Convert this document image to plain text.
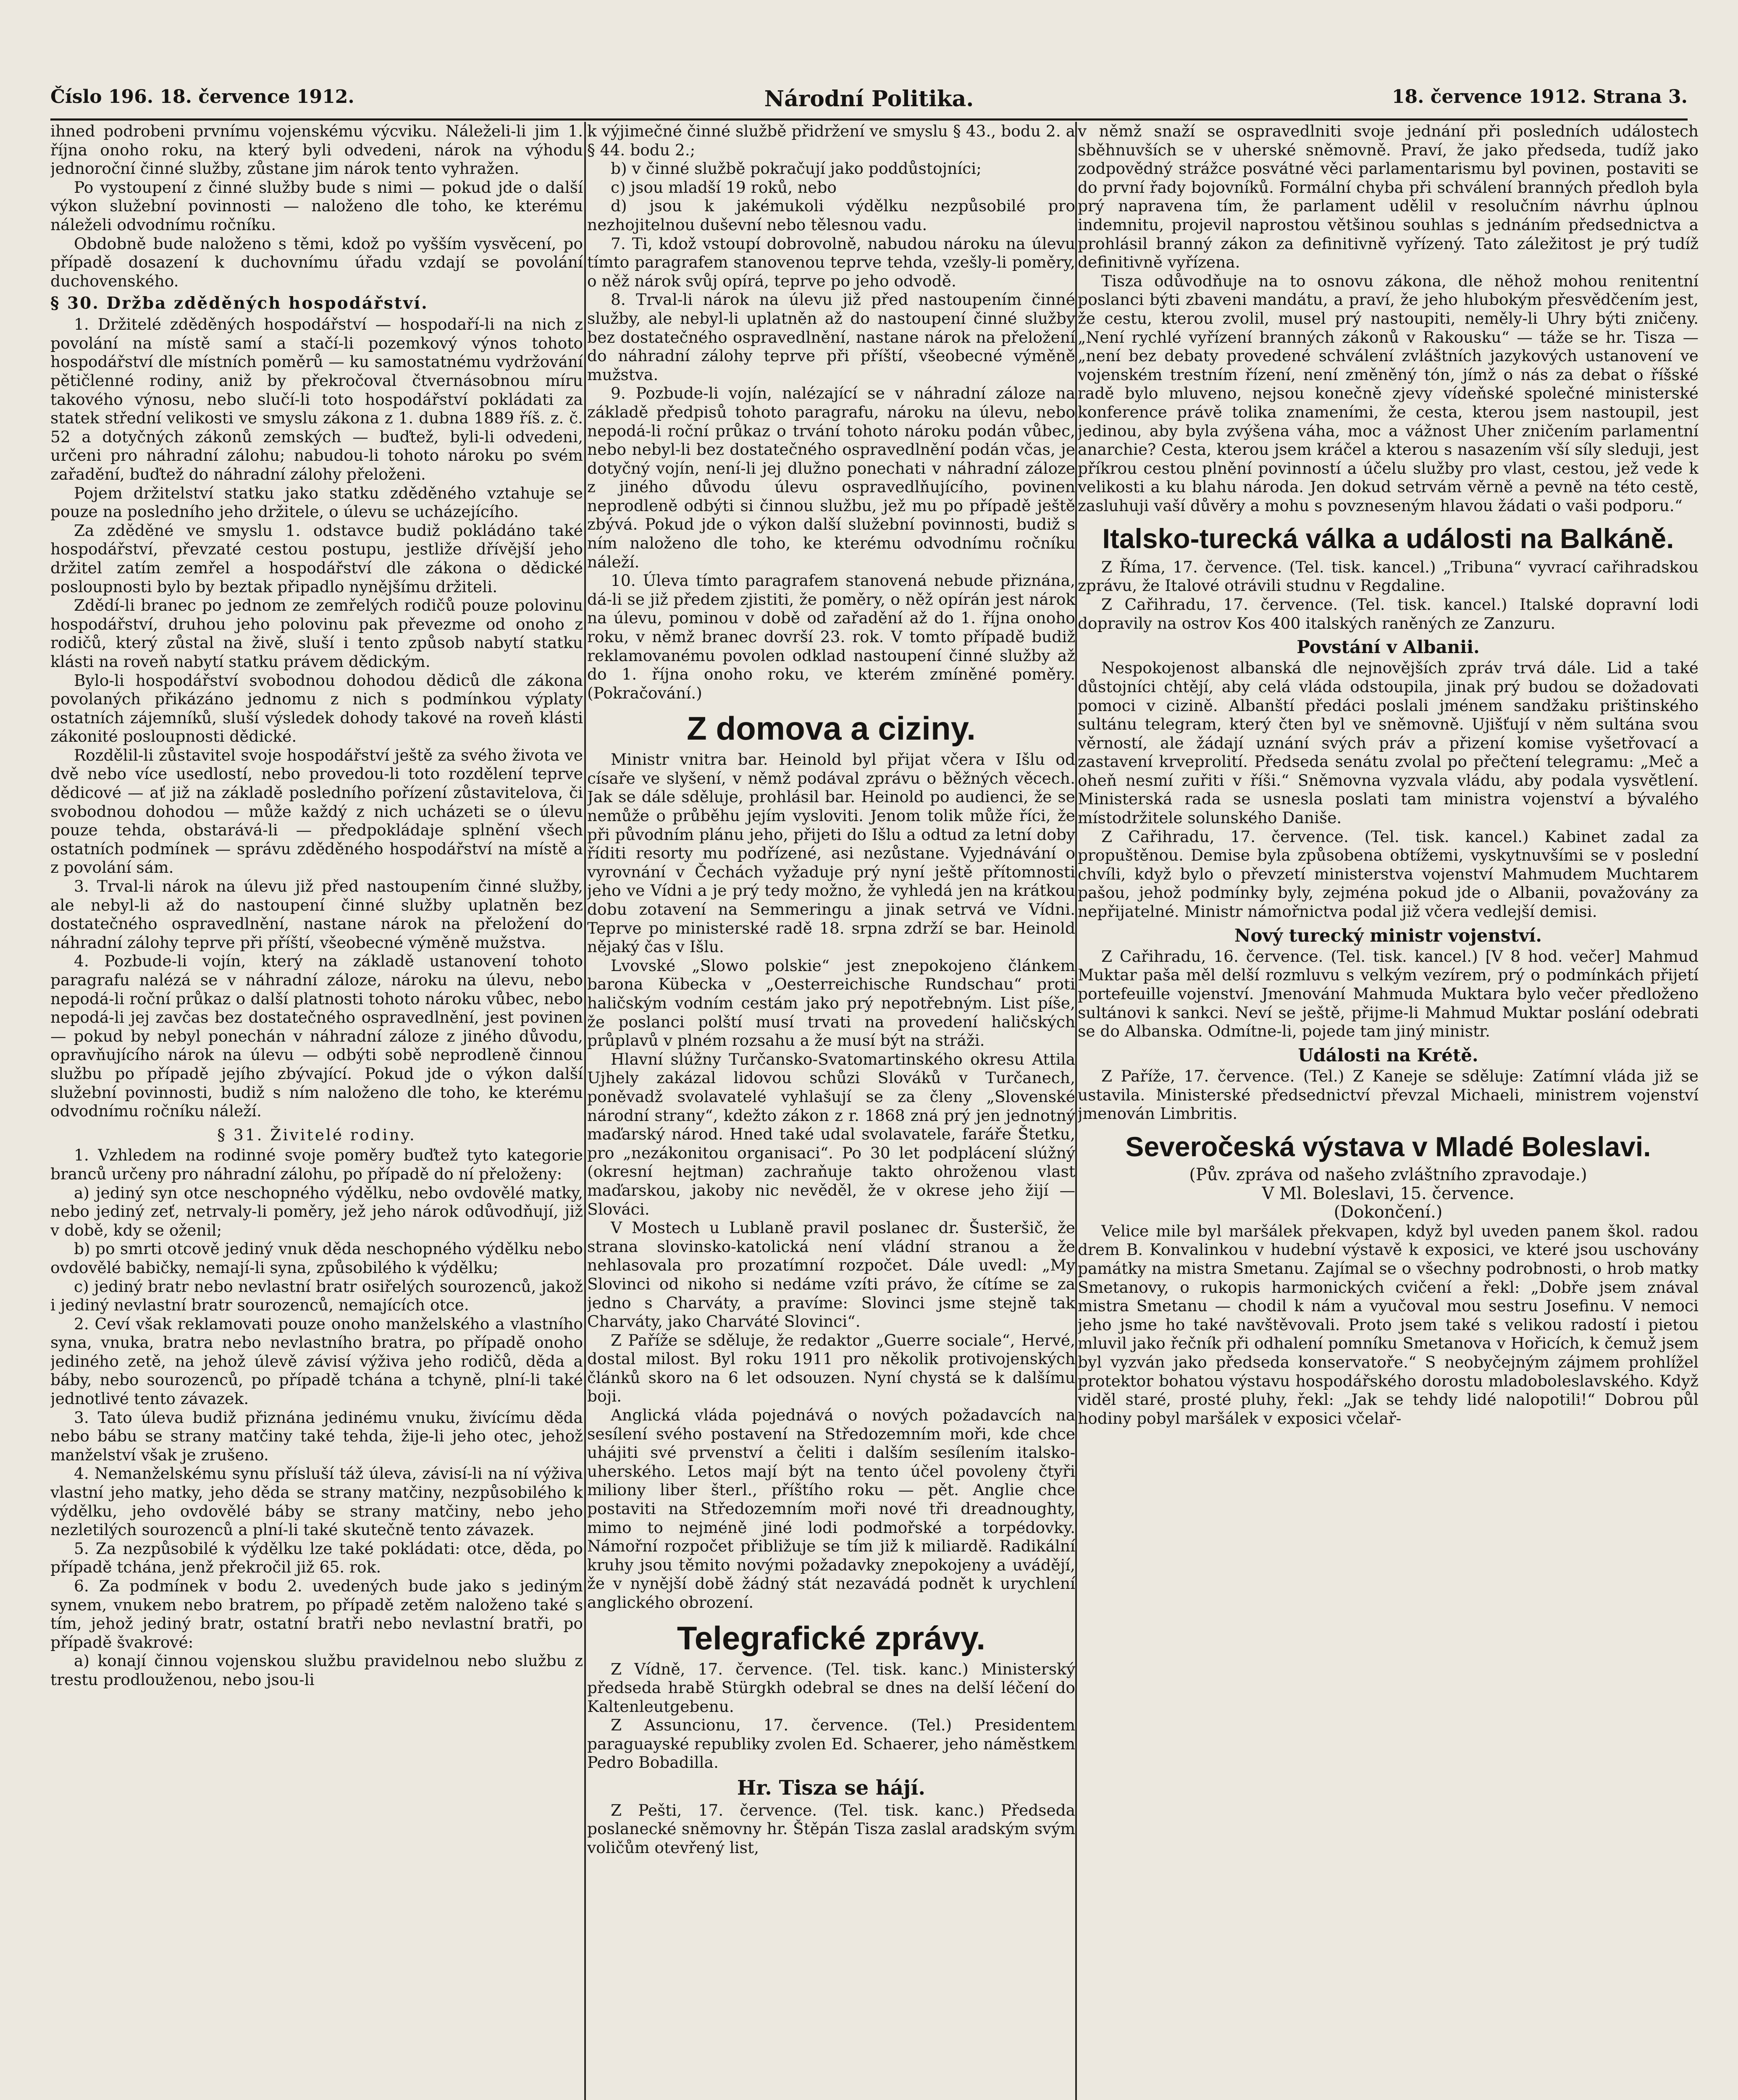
Číslo 196. 18. července 1912.	Národní Politika.	18. července 1912. Strana 3.

ihned podrobeni prvnímu vojenskému výcviku. Náleželi-li jim 1. října onoho roku, na který byli odvedeni, nárok na výhodu jednoroční činné služby, zůstane jim nárok tento vyhražen.

Po vystoupení z činné služby bude s nimi — pokud jde o další výkon služební povinnosti — naloženo dle toho, ke kterému náleželi odvodnímu ročníku.

Obdobně bude naloženo s těmi, kdož po vyšším vysvěcení, po případě dosazení k duchovnímu úřadu vzdají se povolání duchovenského.

§ 30. Držba zděděných hospodářství.

1. Držitelé zděděných hospodářství — hospodaří-li na nich z povolání na místě samí a stačí-li pozemkový výnos tohoto hospodářství dle místních poměrů — ku samostatnému vydržování pětičlenné rodiny, aniž by překročoval čtvernásobnou míru takového výnosu, nebo slučí-li toto hospodářství pokládati za statek střední velikosti ve smyslu zákona z 1. dubna 1889 říš. z. č. 52 a dotyčných zákonů zemských — buďtež, byli-li odvedeni, určeni pro náhradní zálohu; nabudou-li tohoto nároku po svém zařadění, buďtež do náhradní zálohy přeloženi.

Pojem držitelství statku jako statku zděděného vztahuje se pouze na posledního jeho držitele, o úlevu se ucházejícího.

Za zděděné ve smyslu 1. odstavce budiž pokládáno také hospodářství, převzaté cestou postupu, jestliže dřívější jeho držitel zatím zemřel a hospodářství dle zákona o dědické posloupnosti bylo by beztak připadlo nynějšímu držiteli.

Zdědí-li branec po jednom ze zemřelých rodičů pouze polovinu hospodářství, druhou jeho polovinu pak převezme od onoho z rodičů, který zůstal na živě, sluší i tento způsob nabytí statku klásti na roveň nabytí statku právem dědickým.

Bylo-li hospodářství svobodnou dohodou dědiců dle zákona povolaných přikázáno jednomu z nich s podmínkou výplaty ostatních zájemníků, sluší výsledek dohody takové na roveň klásti zákonité posloupnosti dědické.

Rozdělil-li zůstavitel svoje hospodářství ještě za svého života ve dvě nebo více usedlostí, nebo provedou-li toto rozdělení teprve dědicové — ať již na základě posledního pořízení zůstavitelova, či svobodnou dohodou — může každý z nich ucházeti se o úlevu pouze tehda, obstarává-li — předpokládaje splnění všech ostatních podmínek — správu zděděného hospodářství na místě a z povolání sám.

3. Trval-li nárok na úlevu již před nastoupením činné služby, ale nebyl-li až do nastoupení činné služby uplatněn bez dostatečného ospravedlnění, nastane nárok na přeložení do náhradní zálohy teprve při příští, všeobecné výměně mužstva.

4. Pozbude-li vojín, který na základě ustanovení tohoto paragrafu nalézá se v náhradní záloze, nároku na úlevu, nebo nepodá-li roční průkaz o další platnosti tohoto nároku vůbec, nebo nepodá-li jej zavčas bez dostatečného ospravedlnění, jest povinen — pokud by nebyl ponechán v náhradní záloze z jiného důvodu, opravňujícího nárok na úlevu — odbýti sobě neprodleně činnou službu po případě jejího zbývající. Pokud jde o výkon další služební povinnosti, budiž s ním naloženo dle toho, ke kterému odvodnímu ročníku náleží.

§ 31. Živitelé rodiny.

1. Vzhledem na rodinné svoje poměry buďtež tyto kategorie branců určeny pro náhradní zálohu, po případě do ní přeloženy:

a) jediný syn otce neschopného výdělku, nebo ovdovělé matky, nebo jediný zeť, netrvaly-li poměry, jež jeho nárok odůvodňují, již v době, kdy se oženil;

b) po smrti otcově jediný vnuk děda neschopného výdělku nebo ovdovělé babičky, nemají-li syna, způsobilého k výdělku;

c) jediný bratr nebo nevlastní bratr osiřelých sourozenců, jakož i jediný nevlastní bratr sourozenců, nemajících otce.

2. Ceví však reklamovati pouze onoho manželského a vlastního syna, vnuka, bratra nebo nevlastního bratra, po případě onoho jediného zetě, na jehož úlevě závisí výživa jeho rodičů, děda a báby, nebo sourozenců, po případě tchána a tchyně, plní-li také jednotlivé tento závazek.

3. Tato úleva budiž přiznána jedinému vnuku, živícímu děda nebo bábu se strany matčiny také tehda, žije-li jeho otec, jehož manželství však je zrušeno.

4. Nemanželskému synu přísluší táž úleva, závisí-li na ní výživa vlastní jeho matky, jeho děda se strany matčiny, nezpůsobilého k výdělku, jeho ovdovělé báby se strany matčiny, nebo jeho nezletilých sourozenců a plní-li také skutečně tento závazek.

5. Za nezpůsobilé k výdělku lze také pokládati: otce, děda, po případě tchána, jenž překročil již 65. rok.

6. Za podmínek v bodu 2. uvedených bude jako s jediným synem, vnukem nebo bratrem, po případě zetěm naloženo také s tím, jehož jediný bratr, ostatní bratři nebo nevlastní bratři, po případě švakrové:

a) konají činnou vojenskou službu pravidelnou nebo službu z trestu prodlouženou, nebo jsou-li

k výjimečné činné službě přidržení ve smyslu § 43., bodu 2. a § 44. bodu 2.;

b) v činné službě pokračují jako poddůstojníci;

c) jsou mladší 19 roků, nebo

d) jsou k jakémukoli výdělku nezpůsobilé pro nezhojitelnou duševní nebo tělesnou vadu.

7. Ti, kdož vstoupí dobrovolně, nabudou nároku na úlevu tímto paragrafem stanovenou teprve tehda, vzešly-li poměry, o něž nárok svůj opírá, teprve po jeho odvodě.

8. Trval-li nárok na úlevu již před nastoupením činné služby, ale nebyl-li uplatněn až do nastoupení činné služby bez dostatečného ospravedlnění, nastane nárok na přeložení do náhradní zálohy teprve při příští, všeobecné výměně mužstva.

9. Pozbude-li vojín, nalézající se v náhradní záloze na základě předpisů tohoto paragrafu, nároku na úlevu, nebo nepodá-li roční průkaz o trvání tohoto nároku podán vůbec, nebo nebyl-li bez dostatečného ospravedlnění podán včas, je dotyčný vojín, není-li jej dlužno ponechati v náhradní záloze z jiného důvodu úlevu ospravedlňujícího, povinen neprodleně odbýti si činnou službu, jež mu po případě ještě zbývá. Pokud jde o výkon další služební povinnosti, budiž s ním naloženo dle toho, ke kterému odvodnímu ročníku náleží.

10. Úleva tímto paragrafem stanovená nebude přiznána, dá-li se již předem zjistiti, že poměry, o něž opírán jest nárok na úlevu, pominou v době od zařadění až do 1. října onoho roku, v němž branec dovrší 23. rok. V tomto případě budiž reklamovanému povolen odklad nastoupení činné služby až do 1. října onoho roku, ve kterém zmíněné poměry. (Pokračování.)

Z domova a ciziny.

Ministr vnitra bar. Heinold byl přijat včera v Išlu od císaře ve slyšení, v němž podával zprávu o běžných věcech. Jak se dále sděluje, prohlásil bar. Heinold po audienci, že se nemůže o průběhu jejím vysloviti. Jenom tolik může říci, že při původním plánu jeho, přijeti do Išlu a odtud za letní doby říditi resorty mu podřízené, asi nezůstane. Vyjednávání o vyrovnání v Čechách vyžaduje prý nyní ještě přítomnosti jeho ve Vídni a je prý tedy možno, že vyhledá jen na krátkou dobu zotavení na Semmeringu a jinak setrvá ve Vídni. Teprve po ministerské radě 18. srpna zdrží se bar. Heinold nějaký čas v Išlu.

Lvovské „Slowo polskie“ jest znepokojeno článkem barona Kübecka v „Oesterreichische Rundschau“ proti haličským vodním cestám jako prý nepotřebným. List píše, že poslanci polští musí trvati na provedení haličských průplavů v plném rozsahu a že musí být na stráži.

Hlavní slúžny Turčansko-Svatomartinského okresu Attila Ujhely zakázal lidovou schůzi Slováků v Turčanech, poněvadž svolavatelé vyhlašují se za členy „Slovenské národní strany“, kdežto zákon z r. 1868 zná prý jen jednotný maďarský národ. Hned také udal svolavatele, faráře Štetku, pro „nezákonitou organisaci“. Po 30 let podplácení slúžný (okresní hejtman) zachraňuje takto ohroženou vlast maďarskou, jakoby nic nevěděl, že v okrese jeho žijí — Slováci.

V Mostech u Lublaně pravil poslanec dr. Šusteršič, že strana slovinsko-katolická není vládní stranou a že nehlasovala pro prozatímní rozpočet. Dále uvedl: „My Slovinci od nikoho si nedáme vzíti právo, že cítíme se za jedno s Charváty, a pravíme: Slovinci jsme stejně tak Charváty, jako Charváté Slovinci“.

Z Paříže se sděluje, že redaktor „Guerre sociale“, Hervé, dostal milost. Byl roku 1911 pro několik protivojenských článků skoro na 6 let odsouzen. Nyní chystá se k dalšímu boji.

Anglická vláda pojednává o nových požadavcích na sesílení svého postavení na Středozemním moři, kde chce uhájiti své prvenství a čeliti i dalším sesílením italsko-uherského. Letos mají být na tento účel povoleny čtyři miliony liber šterl., příštího roku — pět. Anglie chce postaviti na Středozemním moři nové tři dreadnoughty, mimo to nejméně jiné lodi podmořské a torpédovky. Námořní rozpočet přibližuje se tím již k miliardě. Radikální kruhy jsou těmito novými požadavky znepokojeny a uvádějí, že v nynější době žádný stát nezavádá podnět k urychlení anglického obrození.

Telegrafické zprávy.

Z Vídně, 17. července. (Tel. tisk. kanc.) Ministerský předseda hrabě Stürgkh odebral se dnes na delší léčení do Kaltenleutgebenu.

Z Assuncionu, 17. července. (Tel.) Presidentem paraguayské republiky zvolen Ed. Schaerer, jeho náměstkem Pedro Bobadilla.

Hr. Tisza se hájí.

Z Pešti, 17. července. (Tel. tisk. kanc.) Předseda poslanecké sněmovny hr. Štěpán Tisza zaslal aradským svým voličům otevřený list,

v němž snaží se ospravedlniti svoje jednání při posledních událostech sběhnuvších se v uherské sněmovně. Praví, že jako předseda, tudíž jako zodpovědný strážce posvátné věci parlamentarismu byl povinen, postaviti se do první řady bojovníků. Formální chyba při schválení branných předloh byla prý napravena tím, že parlament udělil v resolučním návrhu úplnou indemnitu, projevil naprostou většinou souhlas s jednáním předsednictva a prohlásil branný zákon za definitivně vyřízený. Tato záležitost je prý tudíž definitivně vyřízena.

Tisza odůvodňuje na to osnovu zákona, dle něhož mohou renitentní poslanci býti zbaveni mandátu, a praví, že jeho hlubokým přesvědčením jest, že cestu, kterou zvolil, musel prý nastoupiti, neměly-li Uhry býti zničeny. „Není rychlé vyřízení branných zákonů v Rakousku“ — táže se hr. Tisza — „není bez debaty provedené schválení zvláštních jazykových ustanovení ve vojenském trestním řízení, není změněný tón, jímž o nás za debat o říšské radě bylo mluveno, nejsou konečně zjevy vídeňské společné ministerské konference právě tolika znameními, že cesta, kterou jsem nastoupil, jest jedinou, aby byla zvýšena váha, moc a vážnost Uher zničením parlamentní anarchie? Cesta, kterou jsem kráčel a kterou s nasazením vší síly sleduji, jest příkrou cestou plnění povinností a účelu služby pro vlast, cestou, jež vede k velikosti a ku blahu národa. Jen dokud setrvám věrně a pevně na této cestě, zasluhuji vaší důvěry a mohu s povzneseným hlavou žádati o vaši podporu.“

Italsko-turecká válka a události na Balkáně.

Z Říma, 17. července. (Tel. tisk. kancel.) „Tribuna“ vyvrací cařihradskou zprávu, že Italové otrávili studnu v Regdaline.

Z Cařihradu, 17. července. (Tel. tisk. kancel.) Italské dopravní lodi dopravily na ostrov Kos 400 italských raněných ze Zanzuru.

Povstání v Albanii.

Nespokojenost albanská dle nejnovějších zpráv trvá dále. Lid a také důstojníci chtějí, aby celá vláda odstoupila, jinak prý budou se dožadovati pomoci v cizině. Albanští předáci poslali jménem sandžaku prištinského sultánu telegram, který čten byl ve sněmovně. Ujišťují v něm sultána svou věrností, ale žádají uznání svých práv a přizení komise vyšetřovací a zastavení krveprolití. Předseda senátu zvolal po přečtení telegramu: „Meč a oheň nesmí zuřiti v říši.“ Sněmovna vyzvala vládu, aby podala vysvětlení. Ministerská rada se usnesla poslati tam ministra vojenství a bývalého místodržitele solunského Daniše.

Z Cařihradu, 17. července. (Tel. tisk. kancel.) Kabinet zadal za propuštěnou. Demise byla způsobena obtížemi, vyskytnuvšími se v poslední chvíli, když bylo o převzetí ministerstva vojenství Mahmudem Muchtarem pašou, jehož podmínky byly, zejména pokud jde o Albanii, považovány za nepřijatelné. Ministr námořnictva podal již včera vedlejší demisi.

Nový turecký ministr vojenství.

Z Cařihradu, 16. července. (Tel. tisk. kancel.) [V 8 hod. večer] Mahmud Muktar paša měl delší rozmluvu s velkým vezírem, prý o podmínkách přijetí portefeuille vojenství. Jmenování Mahmuda Muktara bylo večer předloženo sultánovi k sankci. Neví se ještě, přijme-li Mahmud Muktar poslání odebrati se do Albanska. Odmítne-li, pojede tam jiný ministr.

Události na Krétě.

Z Paříže, 17. července. (Tel.) Z Kaneje se sděluje: Zatímní vláda již se ustavila. Ministerské předsednictví převzal Michaeli, ministrem vojenství jmenován Limbritis.

Severočeská výstava v Mladé Boleslavi.

(Pův. zpráva od našeho zvláštního zpravodaje.)

V Ml. Boleslavi, 15. července.

(Dokončení.)

Velice mile byl maršálek překvapen, když byl uveden panem škol. radou drem B. Konvalinkou v hudební výstavě k exposici, ve které jsou uschovány památky na mistra Smetanu. Zajímal se o všechny podrobnosti, o hrob matky Smetanovy, o rukopis harmonických cvičení a řekl: „Dobře jsem znával mistra Smetanu — chodil k nám a vyučoval mou sestru Josefinu. V nemoci jeho jsme ho také navštěvovali. Proto jsem také s velikou radostí i pietou mluvil jako řečník při odhalení pomníku Smetanova v Hořicích, k čemuž jsem byl vyzván jako předseda konservatoře.“ S neobyčejným zájmem prohlížel protektor bohatou výstavu hospodářského dorostu mladoboleslavského. Když viděl staré, prosté pluhy, řekl: „Jak se tehdy lidé nalopotili!“ Dobrou půl hodiny pobyl maršálek v exposici včelař-
